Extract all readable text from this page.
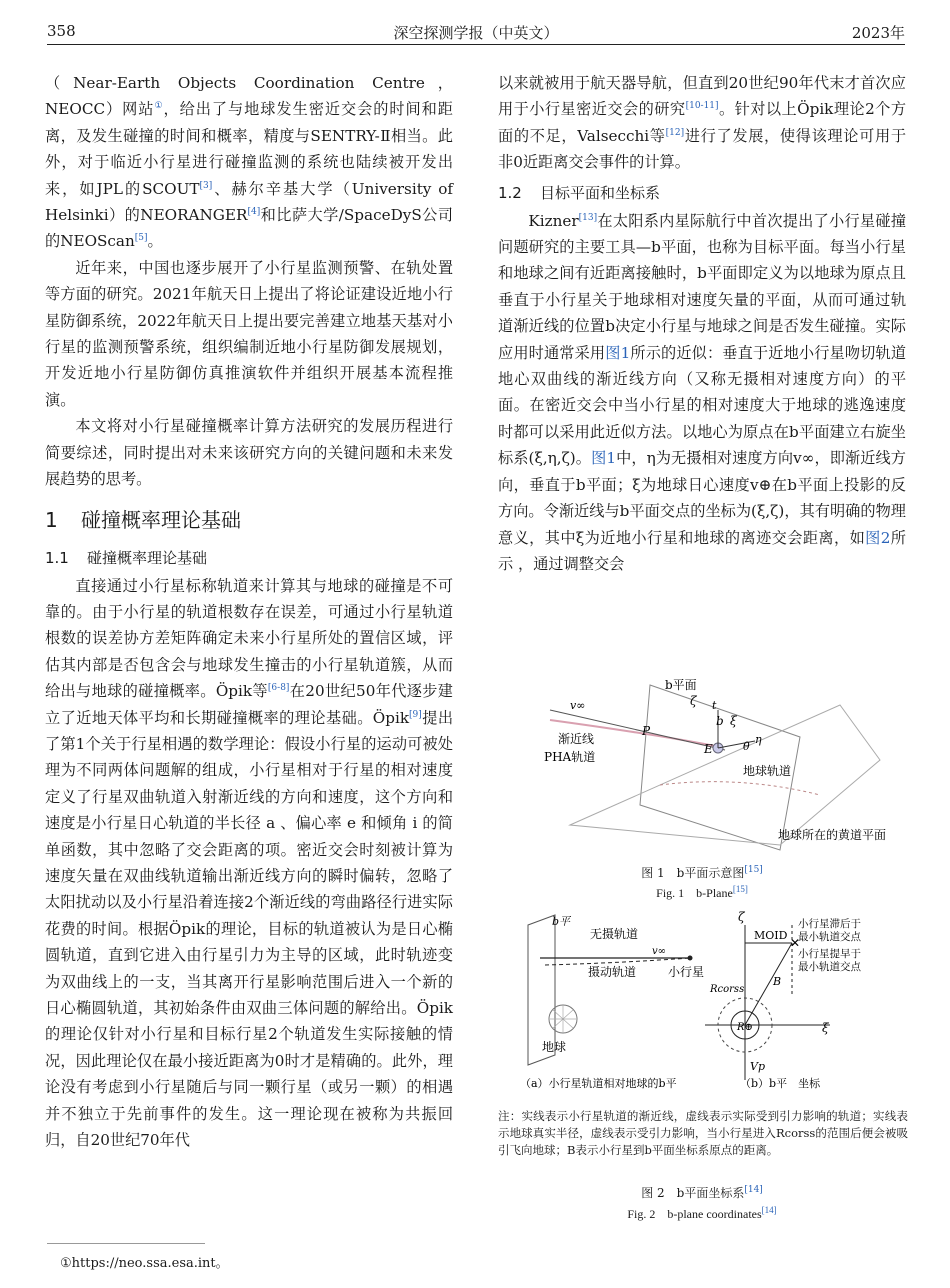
358	深空探测学报（中英文）	2023年

（Near-Earth Objects Coordination Centre，NEOCC）网站①，给出了与地球发生密近交会的时间和距离，及发生碰撞的时间和概率，精度与SENTRY-Ⅱ相当。此外，对于临近小行星进行碰撞监测的系统也陆续被开发出来，如JPL的SCOUT[3]、赫尔辛基大学（University of Helsinki）的NEORANGER[4]和比萨大学/SpaceDyS公司的NEOScan[5]。

近年来，中国也逐步展开了小行星监测预警、在轨处置等方面的研究。2021年航天日上提出了将论证建设近地小行星防御系统，2022年航天日上提出要完善建立地基天基对小行星的监测预警系统，组织编制近地小行星防御发展规划，开发近地小行星防御仿真推演软件并组织开展基本流程推演。

本文将对小行星碰撞概率计算方法研究的发展历程进行简要综述，同时提出对未来该研究方向的关键问题和未来发展趋势的思考。

1 碰撞概率理论基础
1.1 碰撞概率理论基础

直接通过小行星标称轨道来计算其与地球的碰撞是不可靠的。由于小行星的轨道根数存在误差，可通过小行星轨道根数的误差协方差矩阵确定未来小行星所处的置信区域，评估其内部是否包含会与地球发生撞击的小行星轨道簇，从而给出与地球的碰撞概率。Öpik等[6-8]在20世纪50年代逐步建立了近地天体平均和长期碰撞概率的理论基础。Öpik[9]提出了第1个关于行星相遇的数学理论：假设小行星的运动可被处理为不同两体问题解的组成，小行星相对于行星的相对速度定义了行星双曲轨道入射渐近线的方向和速度，这个方向和速度是小行星日心轨道的半长径 a 、偏心率 e 和倾角 i 的简单函数，其中忽略了交会距离的项。密近交会时刻被计算为速度矢量在双曲线轨道输出渐近线方向的瞬时偏转，忽略了太阳扰动以及小行星沿着连接2个渐近线的弯曲路径行进实际花费的时间。根据Öpik的理论，目标的轨道被认为是日心椭圆轨道，直到它进入由行星引力为主导的区域，此时轨迹变为双曲线上的一支，当其离开行星影响范围后进入一个新的日心椭圆轨道，其初始条件由双曲三体问题的解给出。Öpik的理论仅针对小行星和目标行星2个轨道发生实际接触的情况，因此理论仅在最小接近距离为0时才是精确的。此外，理论没有考虑到小行星随后与同一颗行星（或另一颗）的相遇并不独立于先前事件的发生。这一理论现在被称为共振回归，自20世纪70年代

以来就被用于航天器导航，但直到20世纪90年代末才首次应用于小行星密近交会的研究[10-11]。针对以上Öpik理论2个方面的不足，Valsecchi等[12]进行了发展，使得该理论可用于非0近距离交会事件的计算。

1.2 目标平面和坐标系

Kizner[13]在太阳系内星际航行中首次提出了小行星碰撞问题研究的主要工具—b平面，也称为目标平面。每当小行星和地球之间有近距离接触时，b平面即定义为以地球为原点且垂直于小行星关于地球相对速度矢量的平面，从而可通过轨道渐近线的位置b决定小行星与地球之间是否发生碰撞。实际应用时通常采用图1所示的近似：垂直于近地小行星吻切轨道地心双曲线的渐近线方向（又称无摄相对速度方向）的平面。在密近交会中当小行星的相对速度大于地球的逃逸速度时都可以采用此近似方法。以地心为原点在b平面建立右旋坐标系(ξ,η,ζ)。图1中，η为无摄相对速度方向v∞，即渐近线方向，垂直于b平面；ξ为地球日心速度v⊕在b平面上投影的反方向。令渐近线与b平面交点的坐标为(ξ,ζ)，其有明确的物理意义，其中ξ为近地小行星和地球的离迹交会距离，如图2所示 ，通过调整交会

b平面
v∞
渐近线
PHA轨道
ζ t
b ξ
P
E	θ
η
地球轨道
地球所在的黄道平面
图 1　b平面示意图[15]
Fig. 1　b-Plane[15]
b平
无摄轨道
v∞
摄动轨道	小行星
地球
✕
ζ
MOID
小行星滞后于最小轨道交点
小行星提早于最小轨道交点
Rcorss
B
R⊕	ξ
Vp
（a）小行星轨道相对地球的b平	（b）b平　坐标
注：实线表示小行星轨道的渐近线，虚线表示实际受到引力影响的轨道；实线表示地球真实半径，虚线表示受引力影响，当小行星进入Rcorss的范围后便会被吸引飞向地球；B表示小行星到b平面坐标系原点的距离。
图 2　b平面坐标系[14]
Fig. 2　b-plane coordinates[14]
①https://neo.ssa.esa.int。
